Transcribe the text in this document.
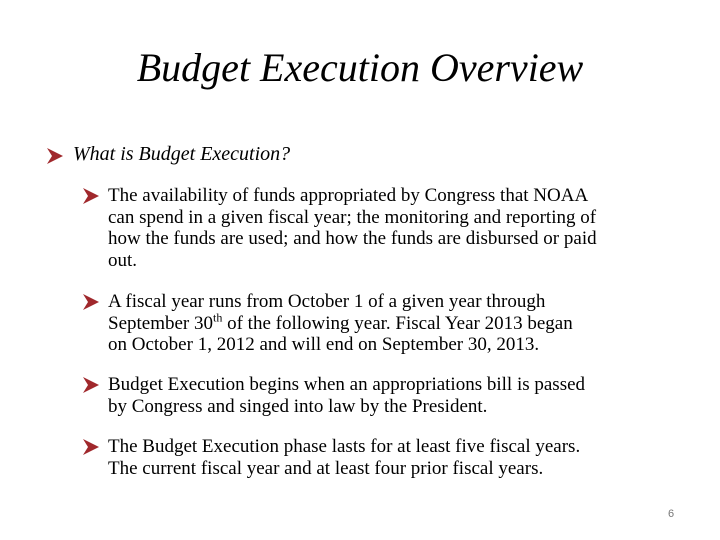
Budget Execution Overview
What is Budget Execution?
The availability of funds appropriated by Congress that NOAA
can spend in a given fiscal year; the monitoring and reporting of
how the funds are used; and how the funds are disbursed or paid
out.
A fiscal year runs from October 1 of a given year through
September 30th of the following year. Fiscal Year 2013 began
on October 1, 2012 and will end on September 30, 2013.
Budget Execution begins when an appropriations bill is passed
by Congress and singed into law by the President.
The Budget Execution phase lasts for at least five fiscal years.
The current fiscal year and at least four prior fiscal years.
6
